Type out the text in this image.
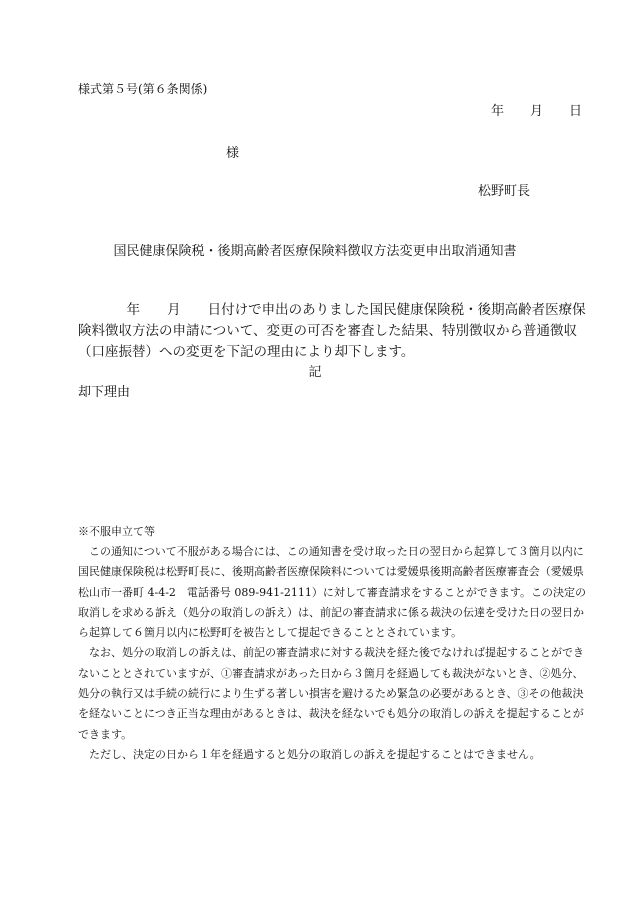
様式第５号(第６条関係)
年　　月　　日
様
松野町長
国民健康保険税・後期高齢者医療保険料徴収方法変更申出取消通知書
年　　月　　日付けで申出のありました国民健康保険税・後期高齢者医療保険料徴収方法の申請について、変更の可否を審査した結果、特別徴収から普通徴収（口座振替）への変更を下記の理由により却下します。
記
却下理由
※不服申立て等

この通知について不服がある場合には、この通知書を受け取った日の翌日から起算して３箇月以内に国民健康保険税は松野町長に、後期高齢者医療保険料については愛媛県後期高齢者医療審査会（愛媛県松山市一番町 4-4-2　電話番号 089-941-2111）に対して審査請求をすることができます。この決定の取消しを求める訴え（処分の取消しの訴え）は、前記の審査請求に係る裁決の伝達を受けた日の翌日から起算して６箇月以内に松野町を被告として提起できることとされています。

なお、処分の取消しの訴えは、前記の審査請求に対する裁決を経た後でなければ提起することができないこととされていますが、①審査請求があった日から３箇月を経過しても裁決がないとき、②処分、処分の執行又は手続の続行により生ずる著しい損害を避けるため緊急の必要があるとき、③その他裁決を経ないことにつき正当な理由があるときは、裁決を経ないでも処分の取消しの訴えを提起することができます。

ただし、決定の日から１年を経過すると処分の取消しの訴えを提起することはできません。
